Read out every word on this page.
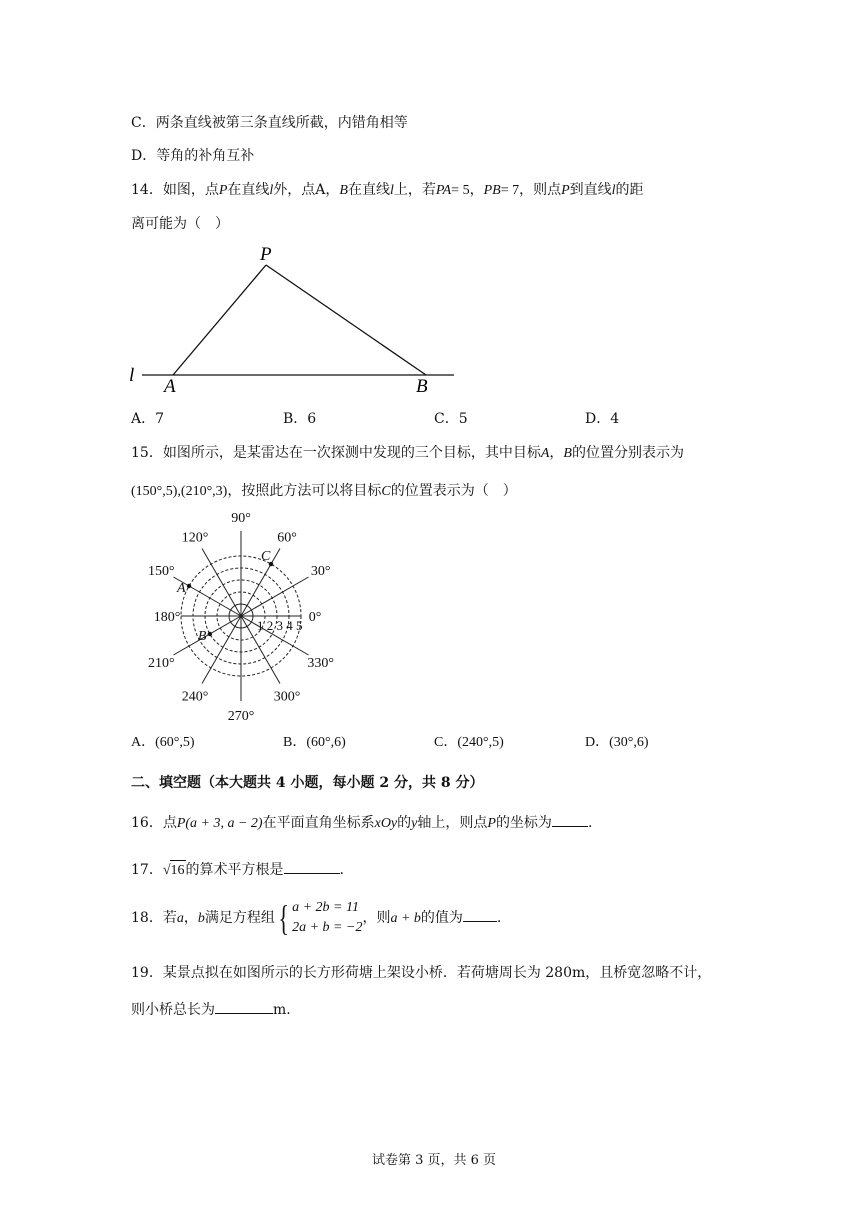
C．两条直线被第三条直线所截，内错角相等
D．等角的补角互补
14．如图，点P在直线l外，点A，B在直线l上，若PA= 5，PB= 7，则点P到直线l的距
离可能为（　）
P
A	B
l
A．7	B．6	C．5	D．4
15．如图所示，是某雷达在一次探测中发现的三个目标，其中目标A，B的位置分别表示为
(150°,5),(210°,3)，按照此方法可以将目标C的位置表示为（　）
0°
30°
60°
90°
120°
150°
180°
210°
240°
270°
300°
330°
1 2 3 4 5
A
B
C
A．(60°,5)	B．(60°,6)	C．(240°,5)	D．(30°,6)
二、填空题（本大题共 4 小题，每小题 2 分，共 8 分）
16．点P(a + 3, a − 2)在平面直角坐标系xOy的y轴上，则点P的坐标为	.
17．√16的算术平方根是	.
18．若a，b满足方程组{ a + 2b = 11
2a + b = −2
，则a + b的值为 .
19．某景点拟在如图所示的长方形荷塘上架设小桥．若荷塘周长为 280m，且桥宽忽略不计，
则小桥总长为	m.
试卷第 3 页，共 6 页
